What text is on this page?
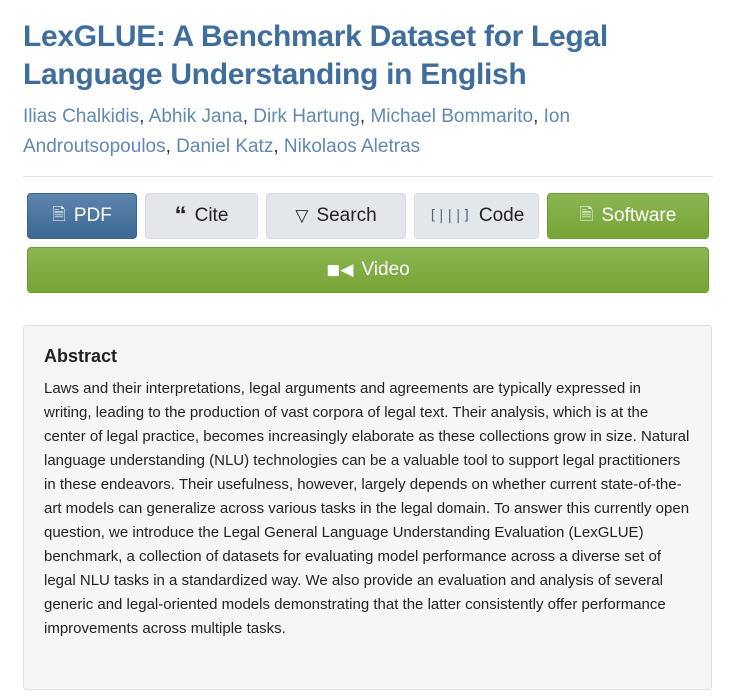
LexGLUE: A Benchmark Dataset for Legal Language Understanding in English
Ilias Chalkidis, Abhik Jana, Dirk Hartung, Michael Bommarito, Ion Androutsopoulos, Daniel Katz, Nikolaos Aletras
🗎 PDF	“ Cite	▽ Search	[|||] Code	🗎 Software
◼◀ Video
Abstract

Laws and their interpretations, legal arguments and agreements are typically expressed in writing, leading to the production of vast corpora of legal text. Their analysis, which is at the center of legal practice, becomes increasingly elaborate as these collections grow in size. Natural language understanding (NLU) technologies can be a valuable tool to support legal practitioners in these endeavors. Their usefulness, however, largely depends on whether current state-of-the-art models can generalize across various tasks in the legal domain. To answer this currently open question, we introduce the Legal General Language Understanding Evaluation (LexGLUE) benchmark, a collection of datasets for evaluating model performance across a diverse set of legal NLU tasks in a standardized way. We also provide an evaluation and analysis of several generic and legal-oriented models demonstrating that the latter consistently offer performance improvements across multiple tasks.
